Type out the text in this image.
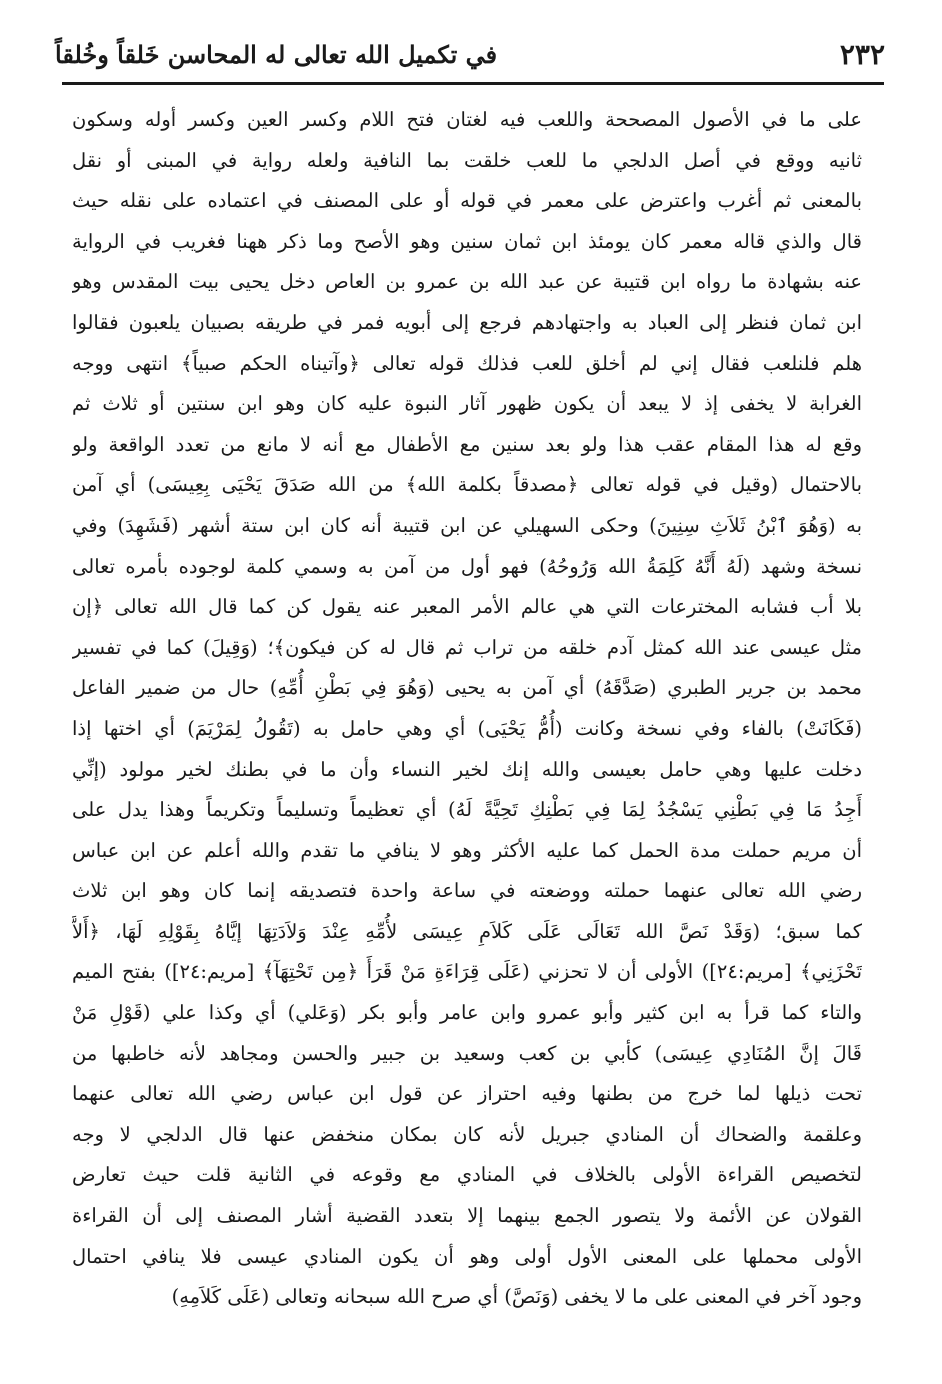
٢٣٢
في تكميل الله تعالى له المحاسن خَلقاً وخُلقاً
على ما في الأصول المصححة واللعب فيه لغتان فتح اللام وكسر العين وكسر أوله وسكون
ثانيه ووقع في أصل الدلجي ما للعب خلقت بما النافية ولعله رواية في المبنى أو نقل
بالمعنى ثم أغرب واعترض على معمر في قوله أو على المصنف في اعتماده على نقله حيث
قال والذي قاله معمر كان يومئذ ابن ثمان سنين وهو الأصح وما ذكر ههنا فغريب في الرواية
عنه بشهادة ما رواه ابن قتيبة عن عبد الله بن عمرو بن العاص دخل يحيى بيت المقدس وهو
ابن ثمان فنظر إلى العباد به واجتهادهم فرجع إلى أبويه فمر في طريقه بصبيان يلعبون فقالوا
هلم فلنلعب فقال إني لم أخلق للعب فذلك قوله تعالى ﴿وآتيناه الحكم صبياً﴾ انتهى ووجه
الغرابة لا يخفى إذ لا يبعد أن يكون ظهور آثار النبوة عليه كان وهو ابن سنتين أو ثلاث ثم
وقع له هذا المقام عقب هذا ولو بعد سنين مع الأطفال مع أنه لا مانع من تعدد الواقعة ولو
بالاحتمال (وقيل في قوله تعالى ﴿مصدقاً بكلمة الله﴾ من الله صَدَقَ يَحْيَى بِعِيسَى) أي آمن
به (وَهُوَ ٱبْنُ ثَلاَثِ سِنِينَ) وحكى السهيلي عن ابن قتيبة أنه كان ابن ستة أشهر (فَشَهِدَ) وفي
نسخة وشهد (لَهُ أَنَّهُ كَلِمَةُ الله وَرُوحُهُ) فهو أول من آمن به وسمي كلمة لوجوده بأمره تعالى
بلا أب فشابه المخترعات التي هي عالم الأمر المعبر عنه يقول كن كما قال الله تعالى ﴿إن
مثل عيسى عند الله كمثل آدم خلقه من تراب ثم قال له كن فيكون﴾؛ (وَقِيلَ) كما في تفسير
محمد بن جرير الطبري (صَدَّقَهُ) أي آمن به يحيى (وَهُوَ فِي بَطْنِ أُمِّهِ) حال من ضمير الفاعل
(فَكَانَتْ) بالفاء وفي نسخة وكانت (أُمُّ يَحْيَى) أي وهي حامل به (تَقُولُ لِمَرْيَمَ) أي اختها إذا
دخلت عليها وهي حامل بعيسى والله إنك لخير النساء وأن ما في بطنك لخير مولود (إنِّي
أَجِدُ مَا فِي بَطْنِي يَسْجُدُ لِمَا فِي بَطْنِكِ تَحِيَّةً لَهُ) أي تعظيماً وتسليماً وتكريماً وهذا يدل على
أن مريم حملت مدة الحمل كما عليه الأكثر وهو لا ينافي ما تقدم والله أعلم عن ابن عباس
رضي الله تعالى عنهما حملته ووضعته في ساعة واحدة فتصديقه إنما كان وهو ابن ثلاث
كما سبق؛ (وَقَدْ نَصَّ الله تَعَالَى عَلَى كَلاَمِ عِيسَى لأُمِّهِ عِنْدَ وَلاَدَتِهَا إيَّاهُ بِقَوْلِهِ لَهَا، ﴿أَلاَّ
تَحْزَنِي﴾ [مريم:٢٤]) الأولى أن لا تحزني (عَلَى قِرَاءَةِ مَنْ قَرَأَ ﴿مِن تَحْتِهَآ﴾ [مريم:٢٤]) بفتح الميم
والتاء كما قرأ به ابن كثير وأبو عمرو وابن عامر وأبو بكر (وَعَلي) أي وكذا علي (قَوْلِ مَنْ
قَالَ إنَّ المُنَادِي عِيسَى) كأبي بن كعب وسعيد بن جبير والحسن ومجاهد لأنه خاطبها من
تحت ذيلها لما خرج من بطنها وفيه احتراز عن قول ابن عباس رضي الله تعالى عنهما
وعلقمة والضحاك أن المنادي جبريل لأنه كان بمكان منخفض عنها قال الدلجي لا وجه
لتخصيص القراءة الأولى بالخلاف في المنادي مع وقوعه في الثانية قلت حيث تعارض
القولان عن الأئمة ولا يتصور الجمع بينهما إلا بتعدد القضية أشار المصنف إلى أن القراءة
الأولى محملها على المعنى الأول أولى وهو أن يكون المنادي عيسى فلا ينافي احتمال
وجود آخر في المعنى على ما لا يخفى (وَنَصَّ) أي صرح الله سبحانه وتعالى (عَلَى كَلاَمِهِ)
